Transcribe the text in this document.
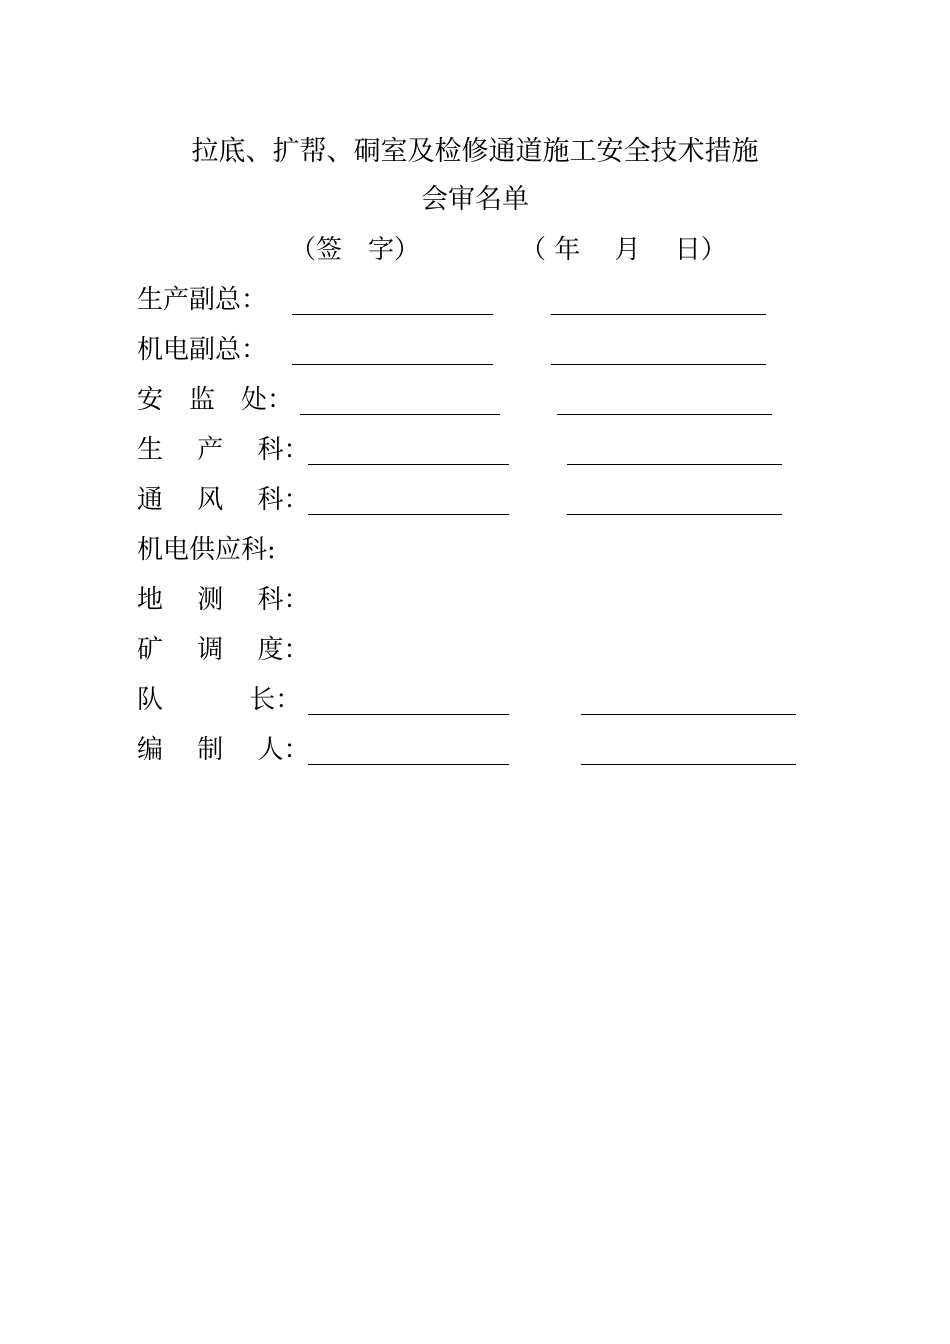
拉底、扩帮、硐室及检修通道施工安全技术措施
会审名单
（签　字）	（ 年　 月　 日）
生产副总：
机电副总：
安　监　处：
生　 产 　科：
通　 风　 科：
机电供应科:
地　 测 　科：
矿　 调　 度：
队　　　 长：
编　 制　 人：
